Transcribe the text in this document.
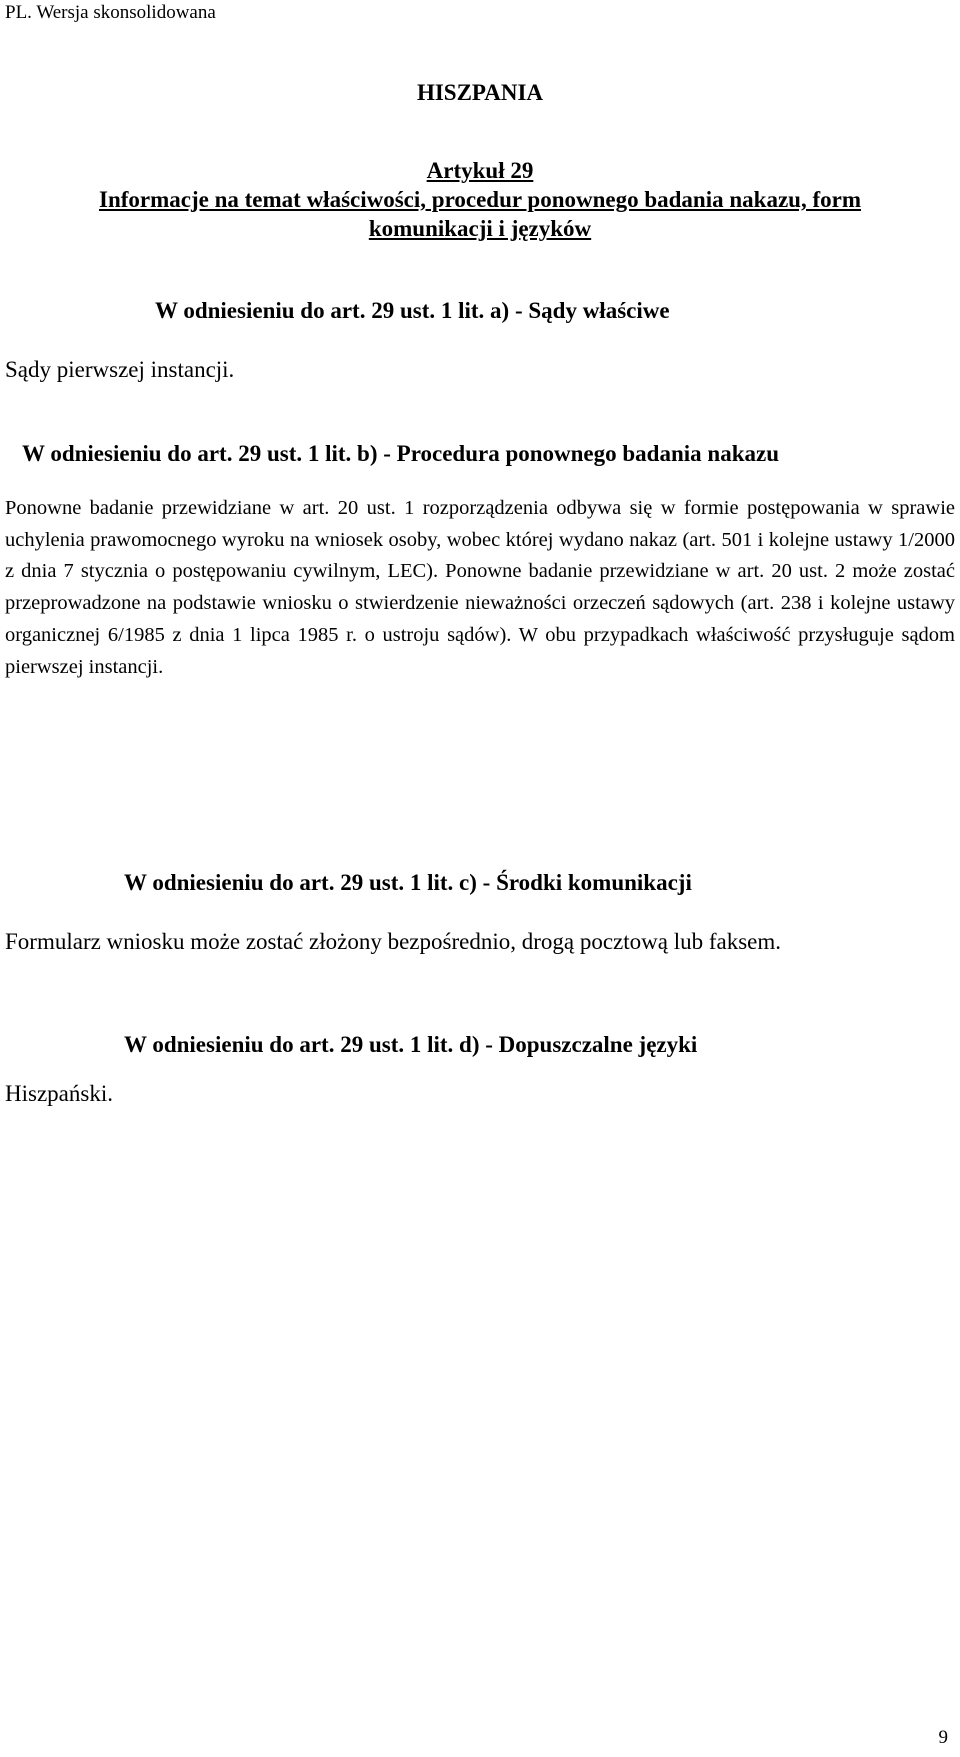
PL. Wersja skonsolidowana
HISZPANIA
Artykuł 29
Informacje na temat właściwości, procedur ponownego badania nakazu, form
komunikacji i języków
W odniesieniu do art. 29 ust. 1 lit. a) - Sądy właściwe
Sądy pierwszej instancji.
W odniesieniu do art. 29 ust. 1 lit. b) - Procedura ponownego badania nakazu
Ponowne badanie przewidziane w art. 20 ust. 1 rozporządzenia odbywa się w formie postępowania w sprawie uchylenia prawomocnego wyroku na wniosek osoby, wobec której wydano nakaz (art. 501 i kolejne ustawy 1/2000 z dnia 7 stycznia o postępowaniu cywilnym, LEC). Ponowne badanie przewidziane w art. 20 ust. 2 może zostać przeprowadzone na podstawie wniosku o stwierdzenie nieważności orzeczeń sądowych (art. 238 i kolejne ustawy organicznej 6/1985 z dnia 1 lipca 1985 r. o ustroju sądów). W obu przypadkach właściwość przysługuje sądom pierwszej instancji.
W odniesieniu do art. 29 ust. 1 lit. c) - Środki komunikacji
Formularz wniosku może zostać złożony bezpośrednio, drogą pocztową lub faksem.
W odniesieniu do art. 29 ust. 1 lit. d) - Dopuszczalne języki
Hiszpański.
9
